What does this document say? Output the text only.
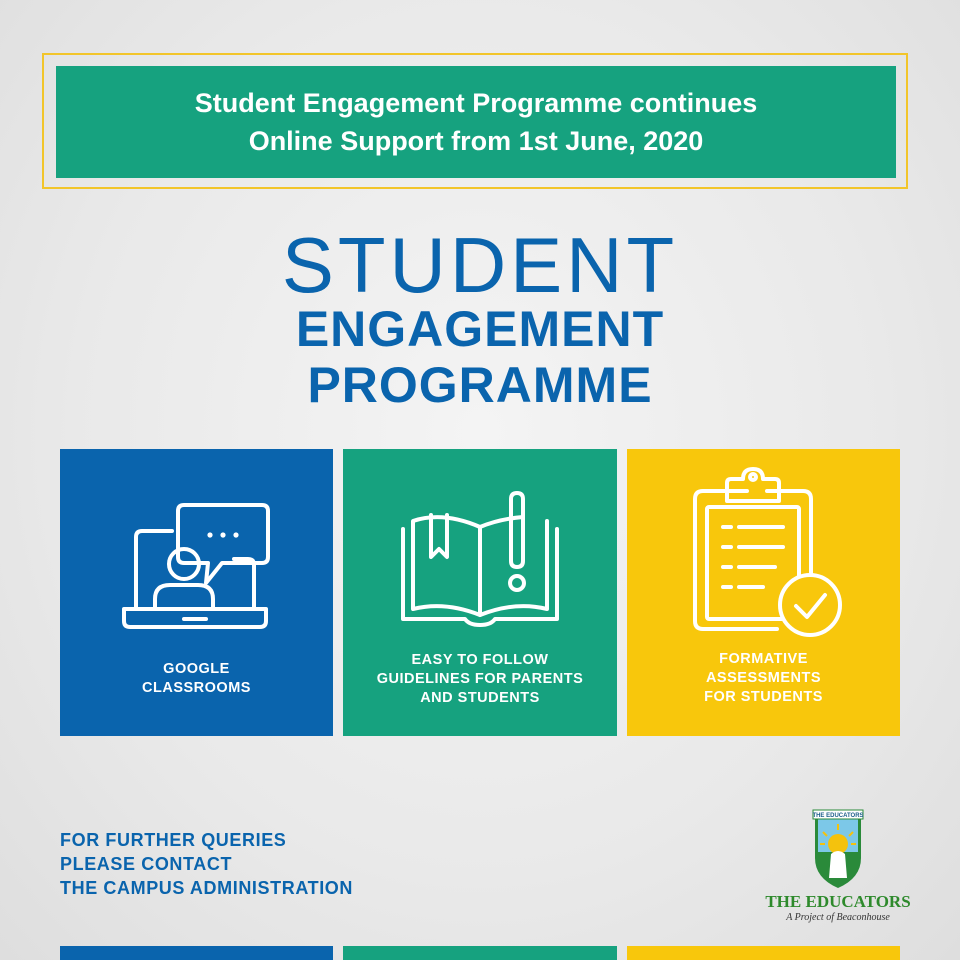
Student Engagement Programme continues
Online Support from 1st June, 2020
STUDENT
ENGAGEMENT
PROGRAMME
GOOGLE
CLASSROOMS
EASY TO FOLLOW
GUIDELINES FOR PARENTS
AND STUDENTS
FORMATIVE
ASSESSMENTS
FOR STUDENTS
FOR FURTHER QUERIES
PLEASE CONTACT
THE CAMPUS ADMINISTRATION
THE EDUCATORS
THE EDUCATORS
A Project of Beaconhouse
